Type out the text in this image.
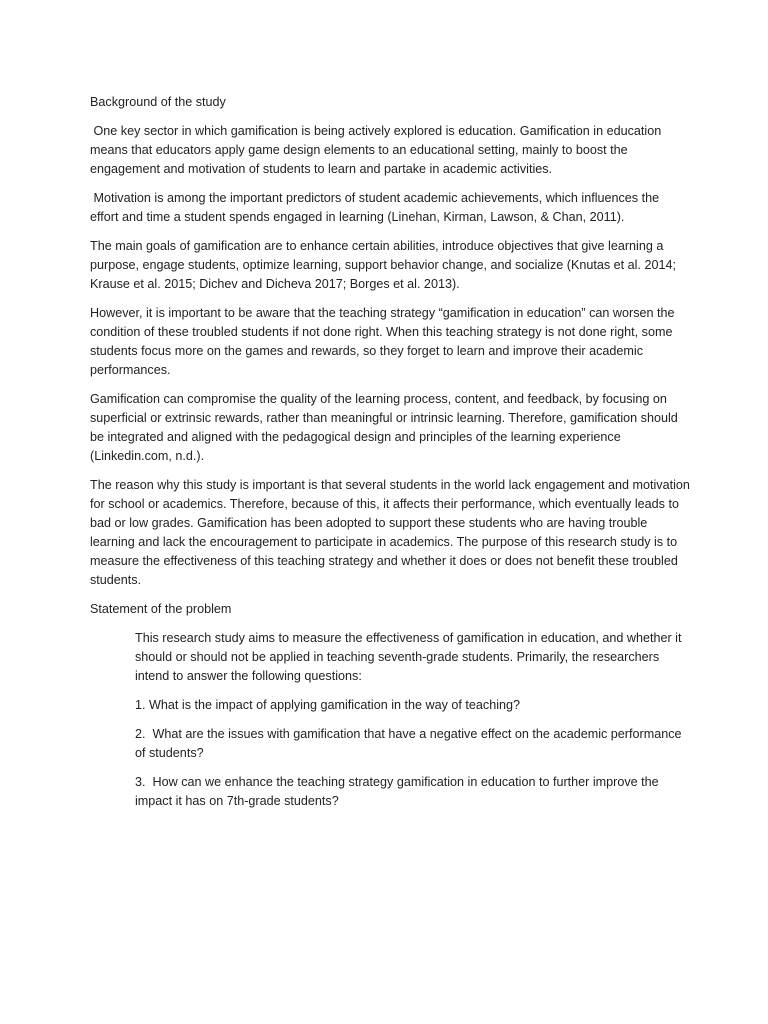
Background of the study

One key sector in which gamification is being actively explored is education. Gamification in education means that educators apply game design elements to an educational setting, mainly to boost the engagement and motivation of students to learn and partake in academic activities.

Motivation is among the important predictors of student academic achievements, which influences the effort and time a student spends engaged in learning (Linehan, Kirman, Lawson, & Chan, 2011).

The main goals of gamification are to enhance certain abilities, introduce objectives that give learning a purpose, engage students, optimize learning, support behavior change, and socialize (Knutas et al. 2014; Krause et al. 2015; Dichev and Dicheva 2017; Borges et al. 2013).

However, it is important to be aware that the teaching strategy “gamification in education” can worsen the condition of these troubled students if not done right. When this teaching strategy is not done right, some students focus more on the games and rewards, so they forget to learn and improve their academic performances.

Gamification can compromise the quality of the learning process, content, and feedback, by focusing on superficial or extrinsic rewards, rather than meaningful or intrinsic learning. Therefore, gamification should be integrated and aligned with the pedagogical design and principles of the learning experience (Linkedin.com, n.d.).

The reason why this study is important is that several students in the world lack engagement and motivation for school or academics. Therefore, because of this, it affects their performance, which eventually leads to bad or low grades. Gamification has been adopted to support these students who are having trouble learning and lack the encouragement to participate in academics. The purpose of this research study is to measure the effectiveness of this teaching strategy and whether it does or does not benefit these troubled students.

Statement of the problem

This research study aims to measure the effectiveness of gamification in education, and whether it should or should not be applied in teaching seventh-grade students. Primarily, the researchers intend to answer the following questions:

1. What is the impact of applying gamification in the way of teaching?

2.  What are the issues with gamification that have a negative effect on the academic performance of students?

3.  How can we enhance the teaching strategy gamification in education to further improve the impact it has on 7th-grade students?
